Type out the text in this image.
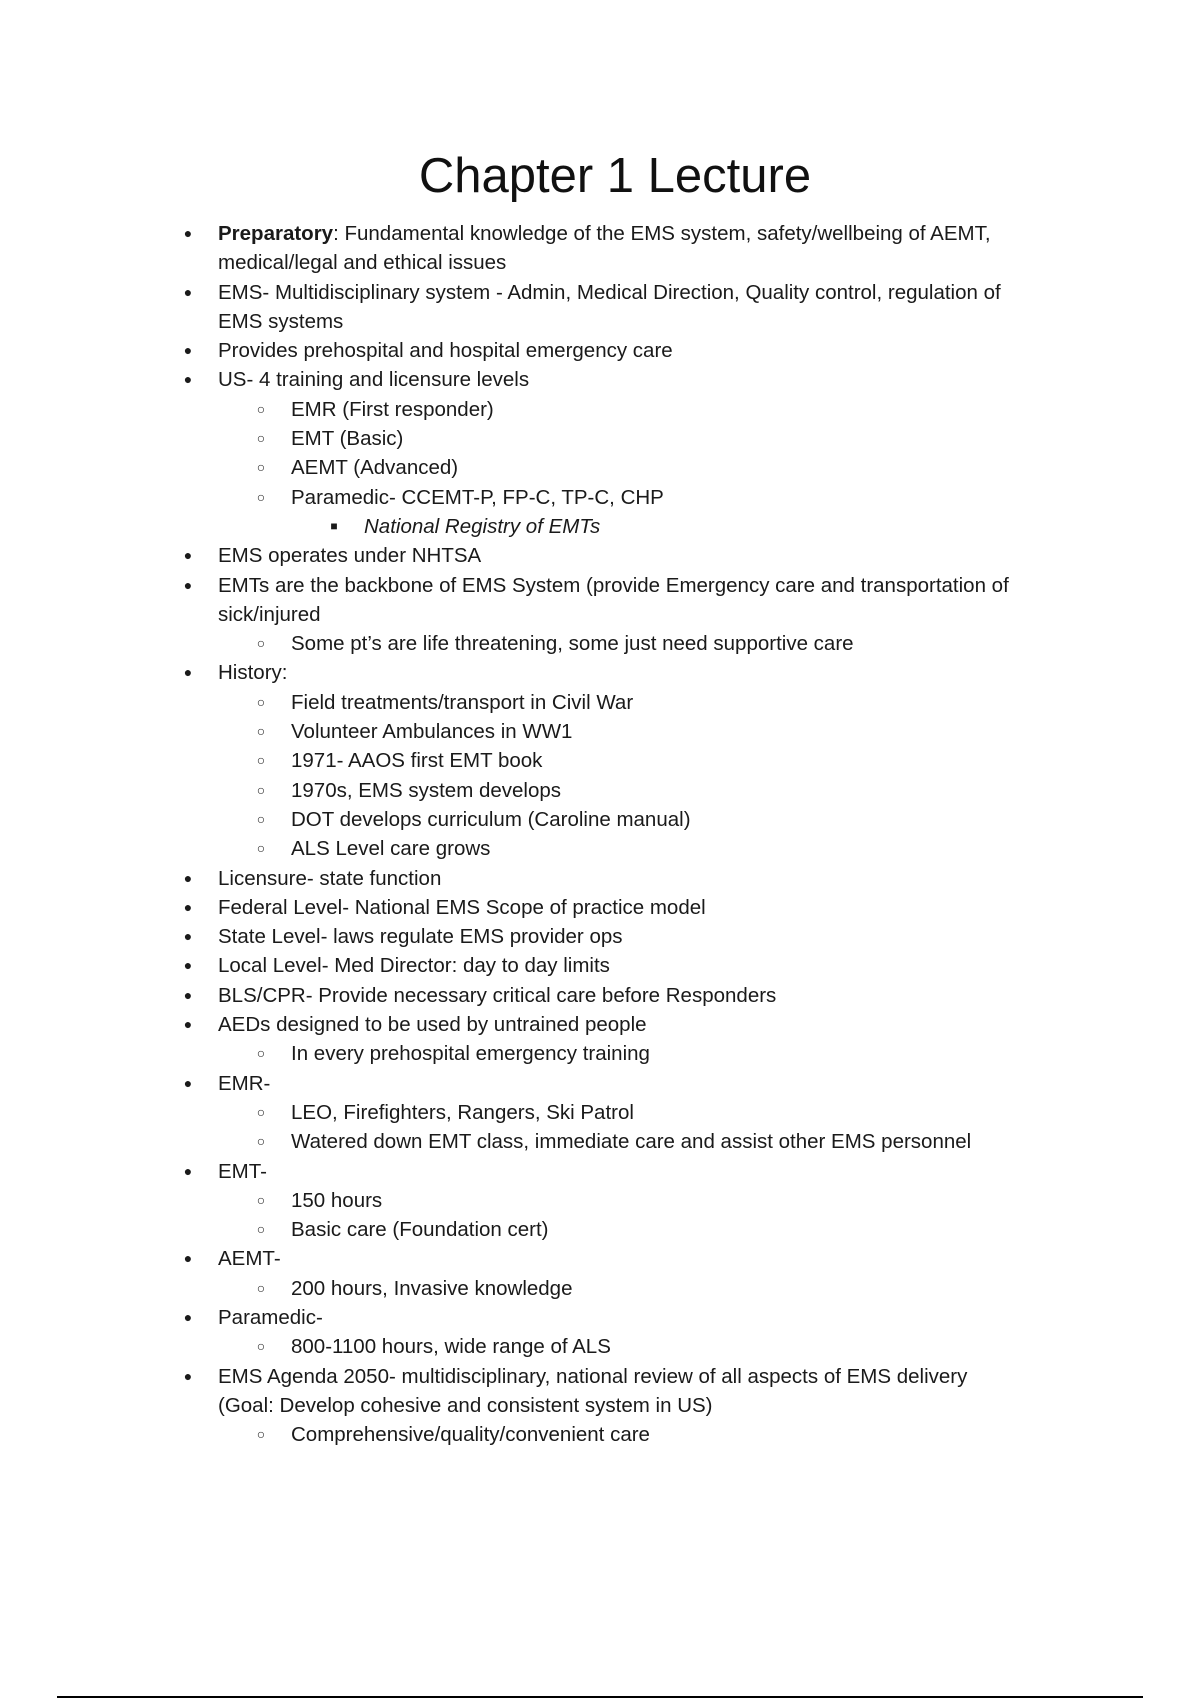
Chapter 1 Lecture
● Preparatory: Fundamental knowledge of the EMS system, safety/wellbeing of AEMT,
medical/legal and ethical issues
● EMS- Multidisciplinary system - Admin, Medical Direction, Quality control, regulation of
EMS systems
● Provides prehospital and hospital emergency care
● US- 4 training and licensure levels
○ EMR (First responder)
○ EMT (Basic)
○ AEMT (Advanced)
○ Paramedic- CCEMT-P, FP-C, TP-C, CHP
■	National Registry of EMTs
● EMS operates under NHTSA
● EMTs are the backbone of EMS System (provide Emergency care and transportation of
sick/injured
○ Some pt’s are life threatening, some just need supportive care
● History:
○ Field treatments/transport in Civil War
○ Volunteer Ambulances in WW1
○ 1971- AAOS first EMT book
○ 1970s, EMS system develops
○ DOT develops curriculum (Caroline manual)
○ ALS Level care grows
● Licensure- state function
● Federal Level- National EMS Scope of practice model
● State Level- laws regulate EMS provider ops
● Local Level- Med Director: day to day limits
● BLS/CPR- Provide necessary critical care before Responders
● AEDs designed to be used by untrained people
○ In every prehospital emergency training
● EMR-
○ LEO, Firefighters, Rangers, Ski Patrol
○ Watered down EMT class, immediate care and assist other EMS personnel
● EMT-
○ 150 hours
○ Basic care (Foundation cert)
● AEMT-
○ 200 hours, Invasive knowledge
● Paramedic-
○ 800-1100 hours, wide range of ALS
● EMS Agenda 2050- multidisciplinary, national review of all aspects of EMS delivery
(Goal: Develop cohesive and consistent system in US)
○ Comprehensive/quality/convenient care
